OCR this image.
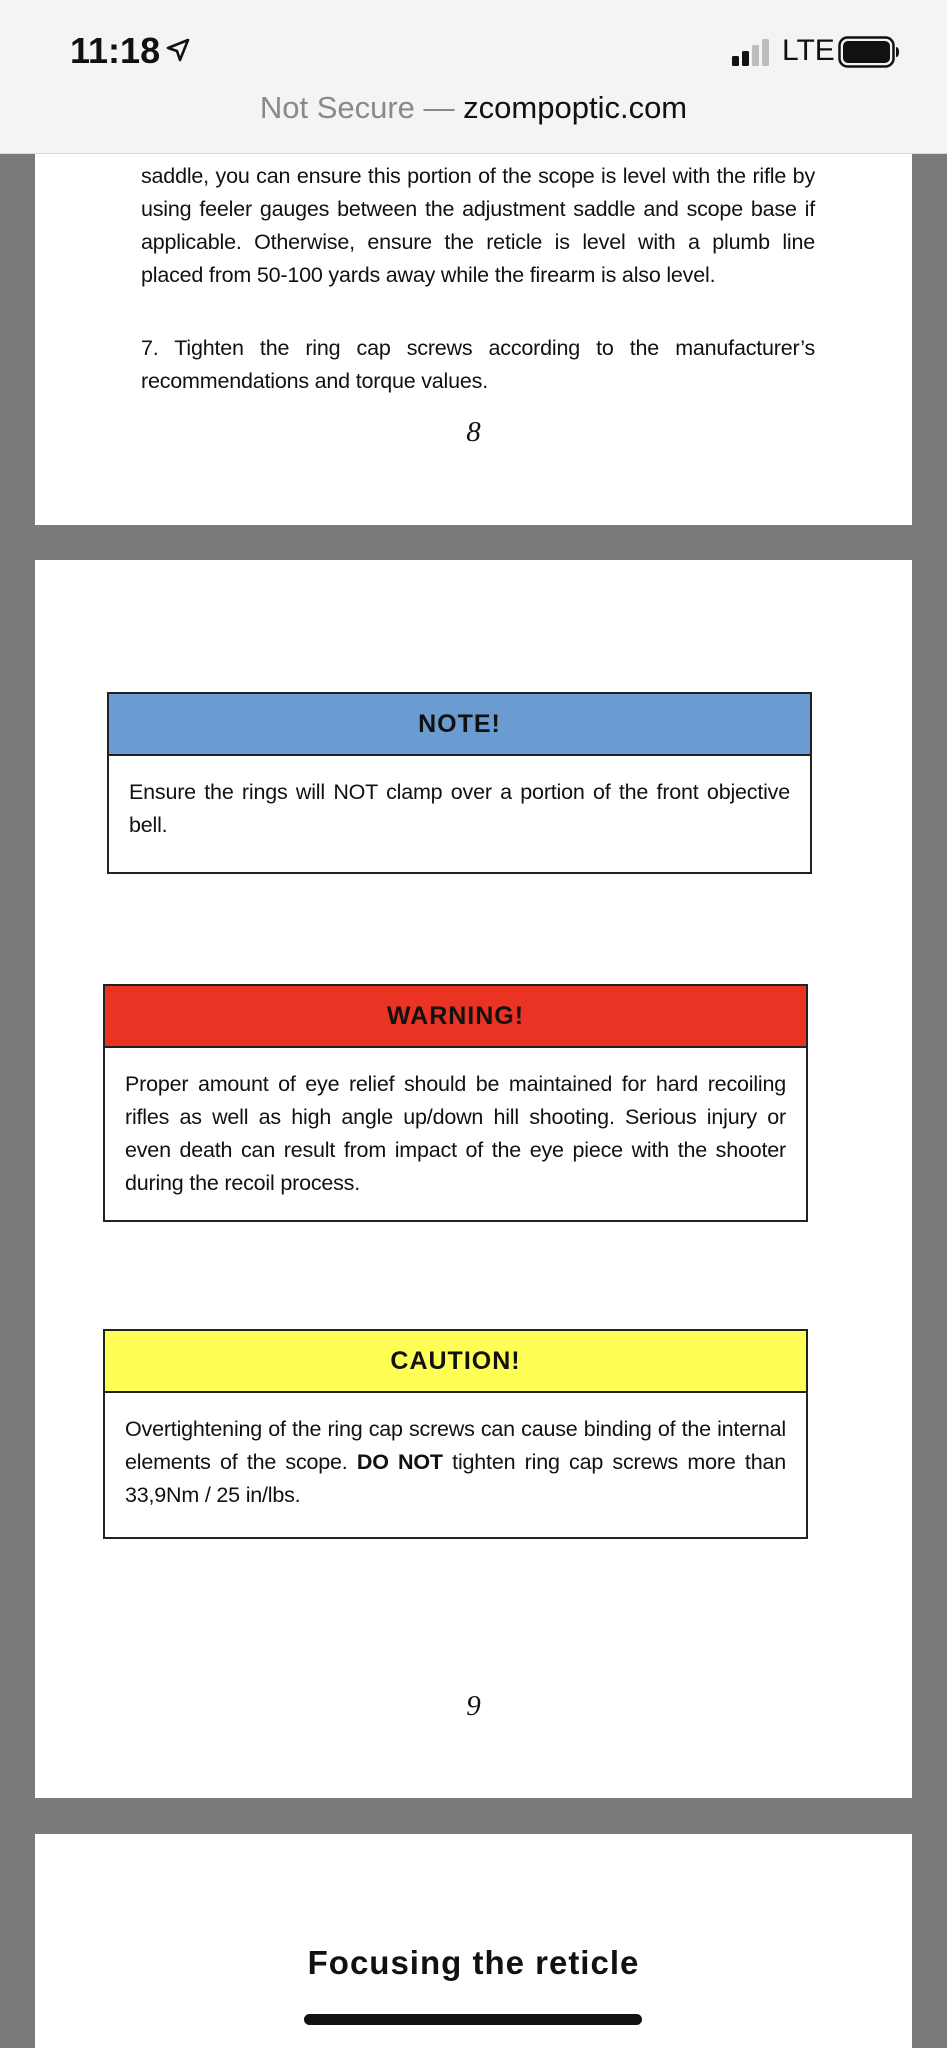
11:18	LTE
Not Secure — zcompoptic.com

saddle, you can ensure this portion of the scope is level with the rifle by using feeler gauges between the adjustment saddle and scope base if applicable. Otherwise, ensure the reticle is level with a plumb line placed from 50-100 yards away while the firearm is also level.

7. Tighten the ring cap screws according to the manufacturer’s recommendations and torque values.

8
NOTE!
Ensure the rings will NOT clamp over a portion of the front objective bell.
WARNING!
Proper amount of eye relief should be maintained for hard recoiling rifles as well as high angle up/down hill shooting. Serious injury or even death can result from impact of the eye piece with the shooter during the recoil process.
CAUTION!
Overtightening of the ring cap screws can cause binding of the internal elements of the scope. DO NOT tighten ring cap screws more than 33,9Nm / 25 in/lbs.
9
Focusing the reticle
